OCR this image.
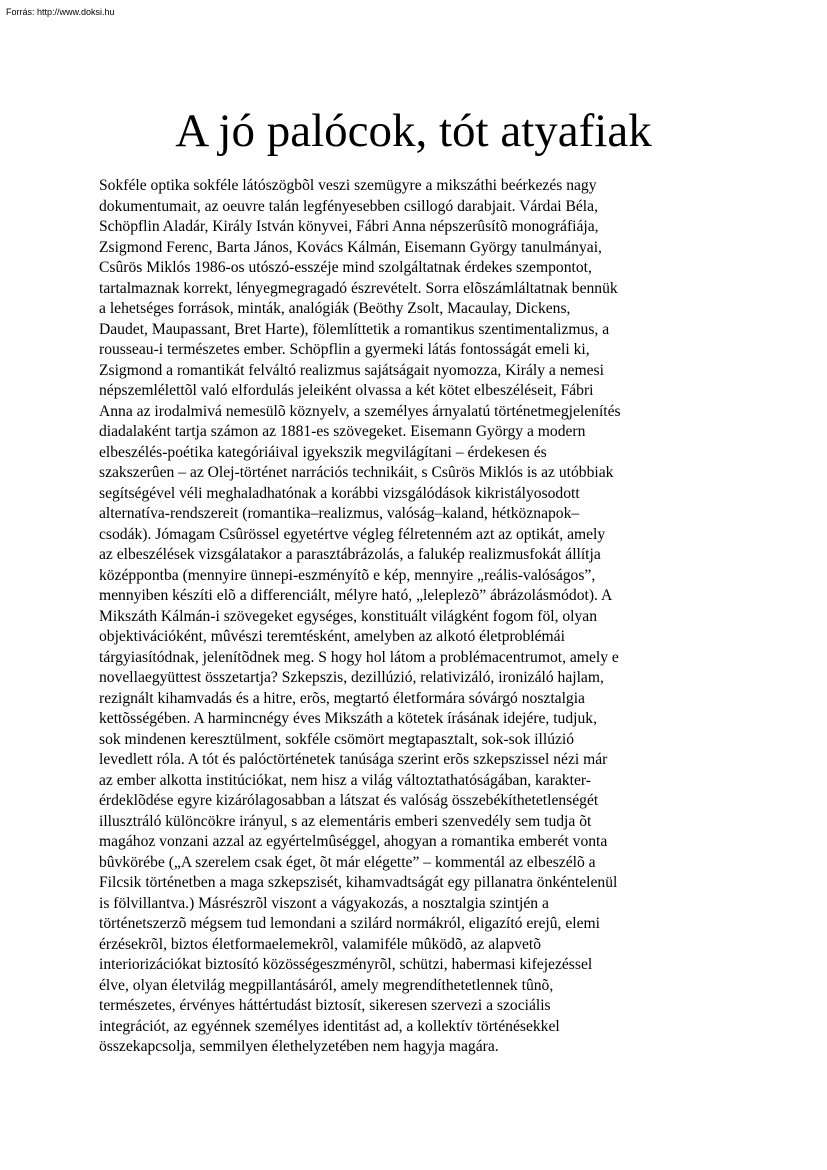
Forrás: http://www.doksi.hu
A jó palócok, tót atyafiak
Sokféle optika sokféle látószögbõl veszi szemügyre a mikszáthi beérkezés nagy
dokumentumait, az oeuvre talán legfényesebben csillogó darabjait. Várdai Béla,
Schöpflin Aladár, Király István könyvei, Fábri Anna népszerûsítõ monográfiája,
Zsigmond Ferenc, Barta János, Kovács Kálmán, Eisemann György tanulmányai,
Csûrös Miklós 1986-os utószó-esszéje mind szolgáltatnak érdekes szempontot,
tartalmaznak korrekt, lényegmegragadó észrevételt. Sorra elõszámláltatnak bennük
a lehetséges források, minták, analógiák (Beöthy Zsolt, Macaulay, Dickens,
Daudet, Maupassant, Bret Harte), fölemlíttetik a romantikus szentimentalizmus, a
rousseau-i természetes ember. Schöpflin a gyermeki látás fontosságát emeli ki,
Zsigmond a romantikát felváltó realizmus sajátságait nyomozza, Király a nemesi
népszemlélettõl való elfordulás jeleiként olvassa a két kötet elbeszéléseit, Fábri
Anna az irodalmivá nemesülõ köznyelv, a személyes árnyalatú történetmegjelenítés
diadalaként tartja számon az 1881-es szövegeket. Eisemann György a modern
elbeszélés-poétika kategóriáival igyekszik megvilágítani – érdekesen és
szakszerûen – az Olej-történet narrációs technikáit, s Csûrös Miklós is az utóbbiak
segítségével véli meghaladhatónak a korábbi vizsgálódások kikristályosodott
alternatíva-rendszereit (romantika–realizmus, valóság–kaland, hétköznapok–
csodák). Jómagam Csûrössel egyetértve végleg félretenném azt az optikát, amely
az elbeszélések vizsgálatakor a parasztábrázolás, a falukép realizmusfokát állítja
középpontba (mennyire ünnepi-eszményítõ e kép, mennyire „reális-valóságos”,
mennyiben készíti elõ a differenciált, mélyre ható, „leleplezõ” ábrázolásmódot). A
Mikszáth Kálmán-i szövegeket egységes, konstituált világként fogom föl, olyan
objektivációként, mûvészi teremtésként, amelyben az alkotó életproblémái
tárgyiasítódnak, jelenítõdnek meg. S hogy hol látom a problémacentrumot, amely e
novellaegyüttest összetartja? Szkepszis, dezillúzió, relativizáló, ironizáló hajlam,
rezignált kihamvadás és a hitre, erõs, megtartó életformára sóvárgó nosztalgia
kettõsségében. A harmincnégy éves Mikszáth a kötetek írásának idejére, tudjuk,
sok mindenen keresztülment, sokféle csömört megtapasztalt, sok-sok illúzió
levedlett róla. A tót és palóctörténetek tanúsága szerint erõs szkepszissel nézi már
az ember alkotta institúciókat, nem hisz a világ változtathatóságában, karakter-
érdeklõdése egyre kizárólagosabban a látszat és valóság összebékíthetetlenségét
illusztráló különcökre irányul, s az elementáris emberi szenvedély sem tudja õt
magához vonzani azzal az egyértelmûséggel, ahogyan a romantika emberét vonta
bûvkörébe („A szerelem csak éget, õt már elégette” – kommentál az elbeszélõ a
Filcsik történetben a maga szkepszisét, kihamvadtságát egy pillanatra önkéntelenül
is fölvillantva.) Másrészrõl viszont a vágyakozás, a nosztalgia szintjén a
történetszerzõ mégsem tud lemondani a szilárd normákról, eligazító erejû, elemi
érzésekrõl, biztos életformaelemekrõl, valamiféle mûködõ, az alapvetõ
interiorizációkat biztosító közösségeszményrõl, schützi, habermasi kifejezéssel
élve, olyan életvilág megpillantásáról, amely megrendíthetetlennek tûnõ,
természetes, érvényes háttértudást biztosít, sikeresen szervezi a szociális
integrációt, az egyénnek személyes identitást ad, a kollektív történésekkel
összekapcsolja, semmilyen élethelyzetében nem hagyja magára.
